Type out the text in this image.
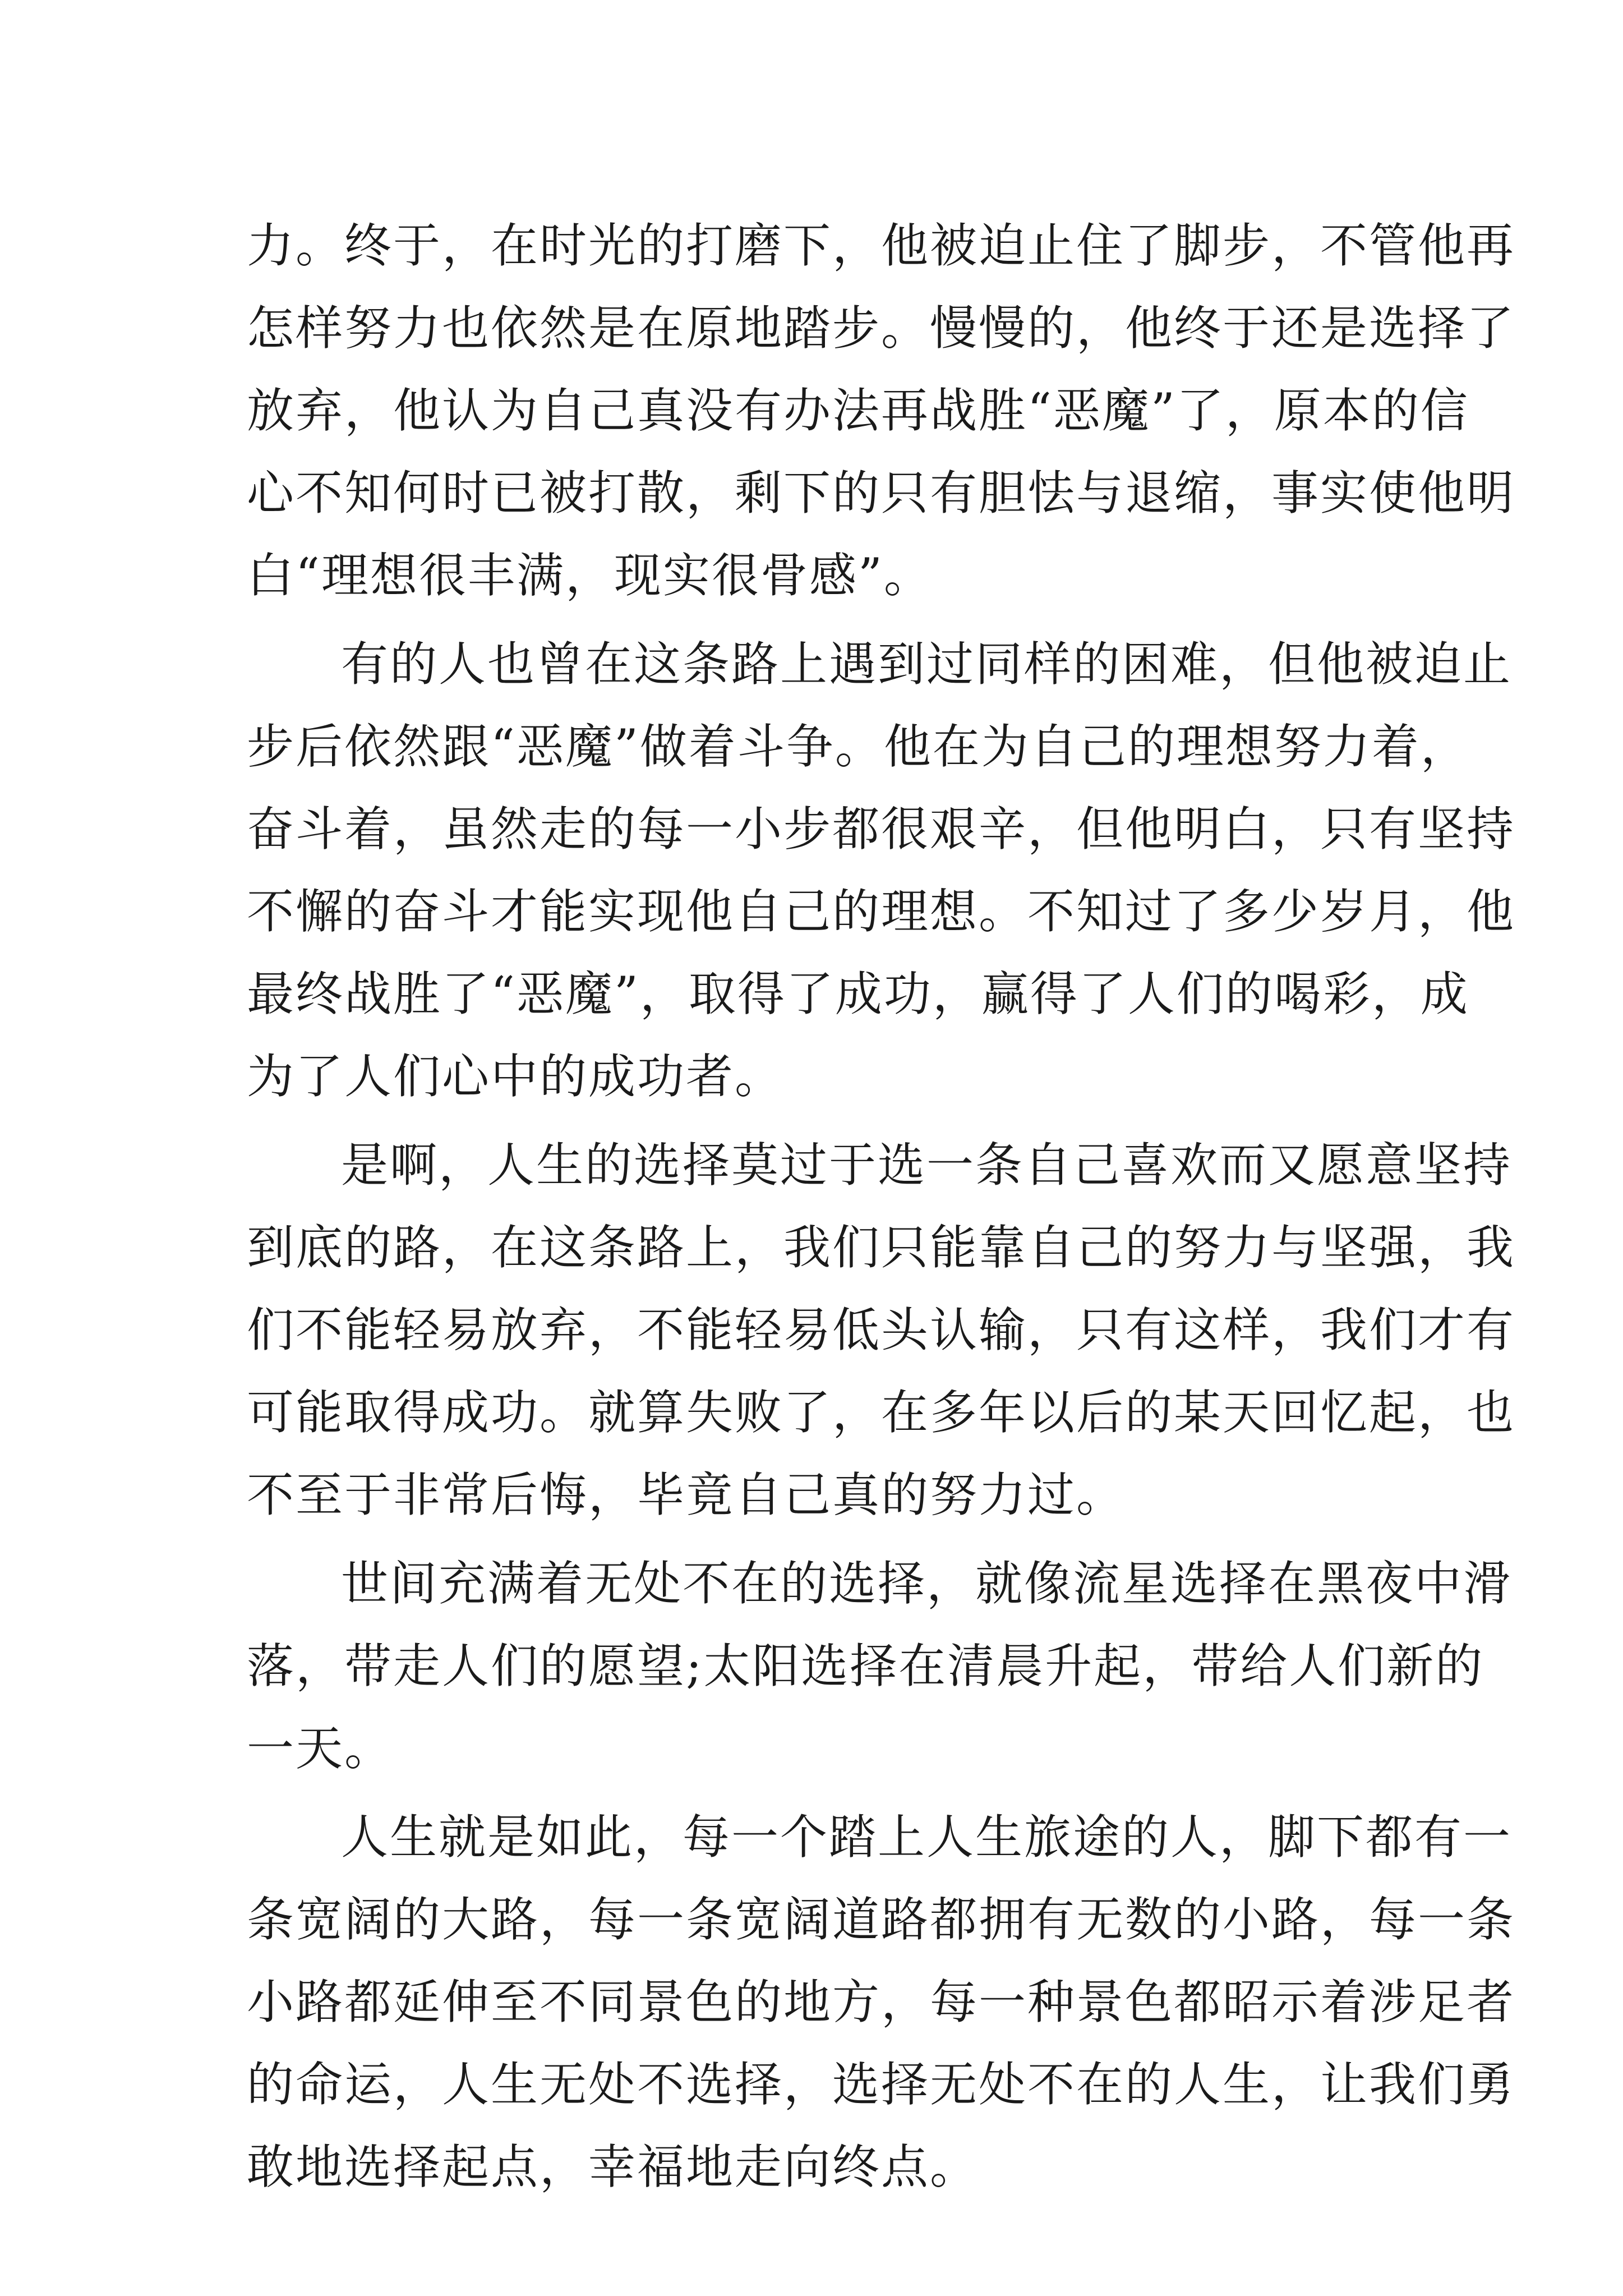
力。终于，在时光的打磨下，他被迫止住了脚步，不管他再
怎样努力也依然是在原地踏步。慢慢的，他终于还是选择了
放弃，他认为自己真没有办法再战胜“恶魔”了，原本的信
心不知何时已被打散，剩下的只有胆怯与退缩，事实使他明
白“理想很丰满，现实很骨感”。
有的人也曾在这条路上遇到过同样的困难，但他被迫止
步后依然跟“恶魔”做着斗争。他在为自己的理想努力着，
奋斗着，虽然走的每一小步都很艰辛，但他明白，只有坚持
不懈的奋斗才能实现他自己的理想。不知过了多少岁月，他
最终战胜了“恶魔”，取得了成功，赢得了人们的喝彩，成
为了人们心中的成功者。
是啊，人生的选择莫过于选一条自己喜欢而又愿意坚持
到底的路，在这条路上，我们只能靠自己的努力与坚强，我
们不能轻易放弃，不能轻易低头认输，只有这样，我们才有
可能取得成功。就算失败了，在多年以后的某天回忆起，也
不至于非常后悔，毕竟自己真的努力过。
世间充满着无处不在的选择，就像流星选择在黑夜中滑
落，带走人们的愿望;太阳选择在清晨升起，带给人们新的
一天。
人生就是如此，每一个踏上人生旅途的人，脚下都有一
条宽阔的大路，每一条宽阔道路都拥有无数的小路，每一条
小路都延伸至不同景色的地方，每一种景色都昭示着涉足者
的命运，人生无处不选择，选择无处不在的人生，让我们勇
敢地选择起点，幸福地走向终点。
